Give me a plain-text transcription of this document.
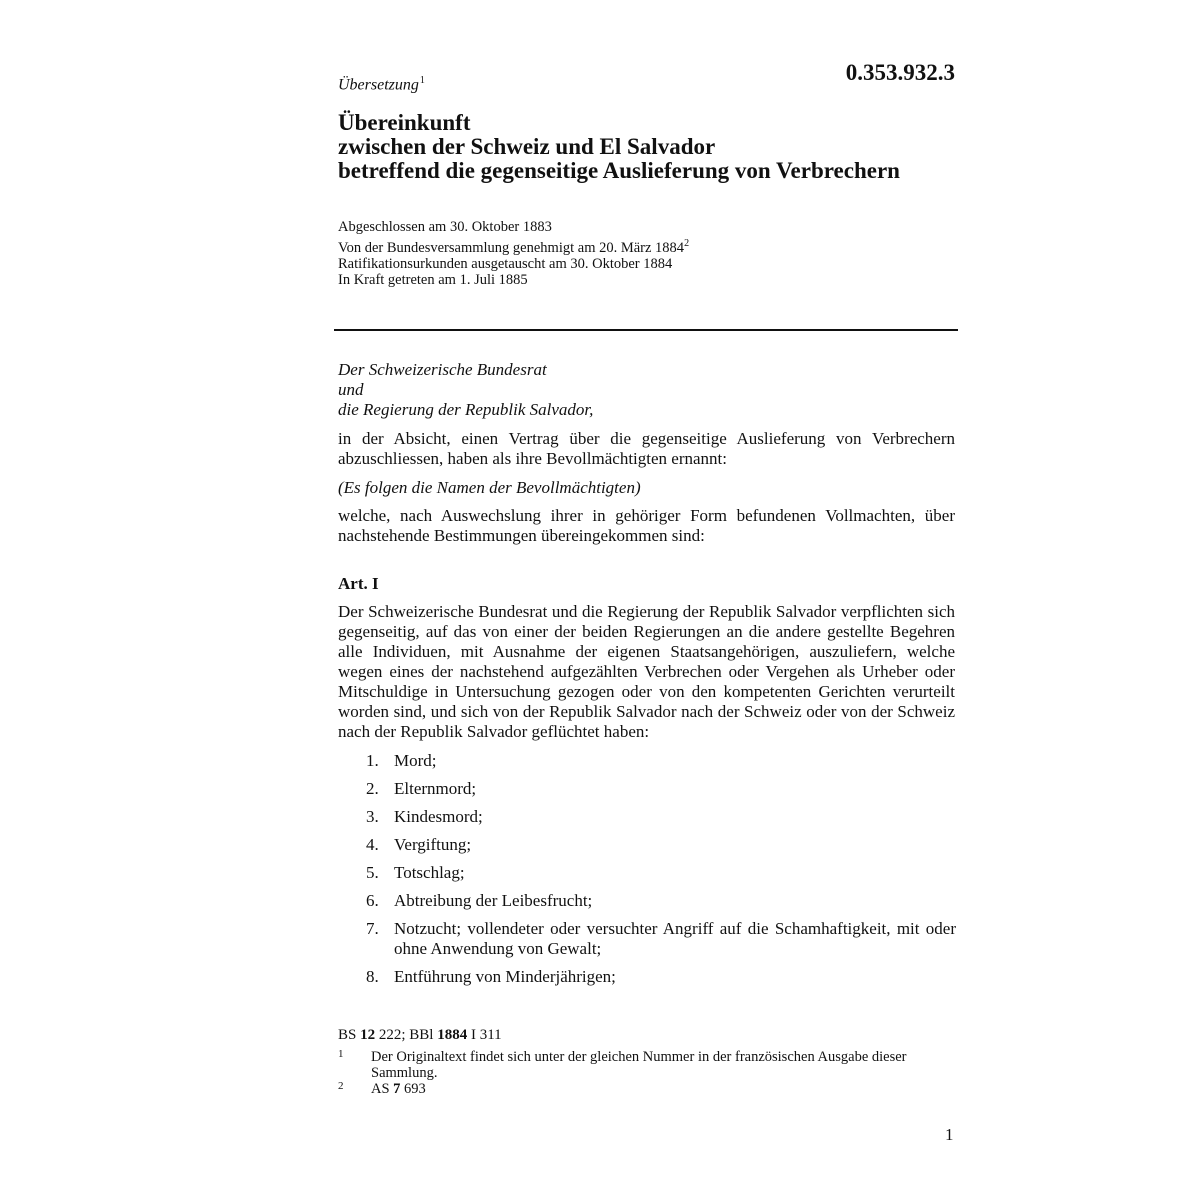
Übersetzung$^1$	0.353.932.3
Übereinkunft
zwischen der Schweiz und El Salvador
betreffend die gegenseitige Auslieferung von Verbrechern
Abgeschlossen am 30. Oktober 1883
Von der Bundesversammlung genehmigt am 20. März 1884$^2$
Ratifikationsurkunden ausgetauscht am 30. Oktober 1884
In Kraft getreten am 1. Juli 1885
Der Schweizerische Bundesrat
und
die Regierung der Republik Salvador,
in der Absicht, einen Vertrag über die gegenseitige Auslieferung von Verbrechern abzuschliessen, haben als ihre Bevollmächtigten ernannt:
(Es folgen die Namen der Bevollmächtigten)
welche, nach Auswechslung ihrer in gehöriger Form befundenen Vollmachten, über nachstehende Bestimmungen übereingekommen sind:
Art. I
Der Schweizerische Bundesrat und die Regierung der Republik Salvador verpflichten sich gegenseitig, auf das von einer der beiden Regierungen an die andere gestellte Begehren alle Individuen, mit Ausnahme der eigenen Staatsangehörigen, auszuliefern, welche wegen eines der nachstehend aufgezählten Verbrechen oder Vergehen als Urheber oder Mitschuldige in Untersuchung gezogen oder von den kompetenten Gerichten verurteilt worden sind, und sich von der Republik Salvador nach der Schweiz oder von der Schweiz nach der Republik Salvador geflüchtet haben:
1. Mord;
2. Elternmord;
3. Kindesmord;
4. Vergiftung;
5. Totschlag;
6. Abtreibung der Leibesfrucht;
7. Notzucht; vollendeter oder versuchter Angriff auf die Schamhaftigkeit, mit oder ohne Anwendung von Gewalt;
8. Entführung von Minderjährigen;
BS 12 222; BBl 1884 I 311
1 Der Originaltext findet sich unter der gleichen Nummer in der französischen Ausgabe dieser Sammlung.
2 AS 7 693
1
